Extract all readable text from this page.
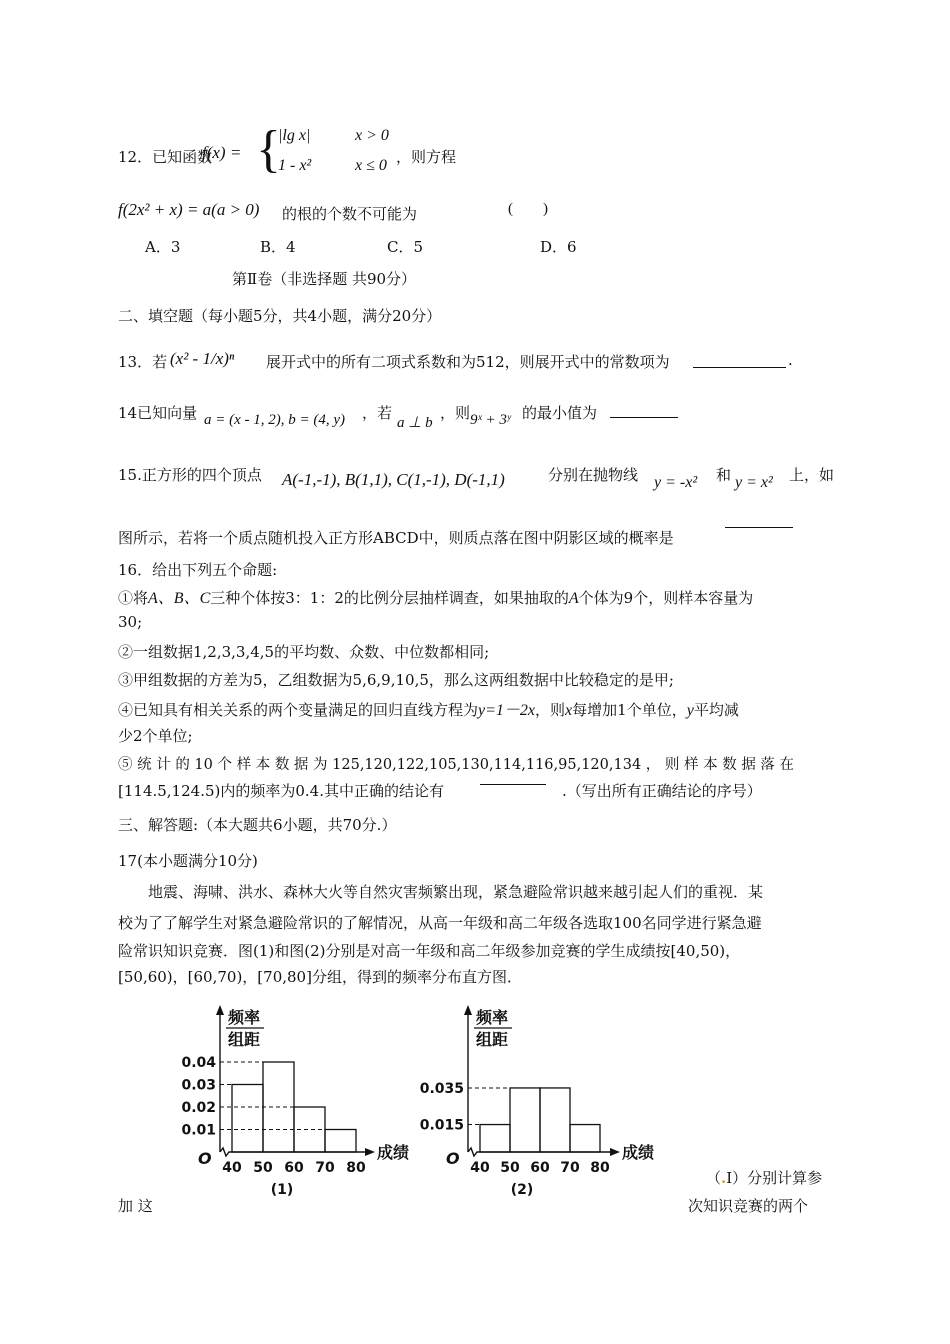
12．已知函数
f(x) = {
|lg x|	x > 0
1 - x²	x ≤ 0 ，则方程
f(2x² + x) = a(a > 0) 的根的个数不可能为	(        )
A．3	B．4	C．5	D．6
第Ⅱ卷（非选择题 共90分）
二、填空题（每小题5分，共4小题，满分20分）
13．若 (x² - 1/x)ⁿ 展开式中的所有二项式系数和为512，则展开式中的常数项为	.
14已知向量 a = (x - 1, 2), b = (4, y) ，若
a ⊥ b
，则 9ˣ + 3ʸ 的最小值为
15.正方形的四个顶点 A(-1,-1), B(1,1), C(1,-1), D(-1,1)	分别在抛物线 y = -x² 和 y = x² 上，如
图所示，若将一个质点随机投入正方形ABCD中，则质点落在图中阴影区域的概率是
16．给出下列五个命题:
①将A、B、C三种个体按3：1：2的比例分层抽样调查，如果抽取的A个体为9个，则样本容量为
30;
②一组数据1,2,3,3,4,5的平均数、众数、中位数都相同;
③甲组数据的方差为5，乙组数据为5,6,9,10,5，那么这两组数据中比较稳定的是甲;
④已知具有相关关系的两个变量满足的回归直线方程为y=1－2x，则x每增加1个单位，y平均减
少2个单位;
⑤ 统 计 的 10 个 样 本 数 据 为 125,120,122,105,130,114,116,95,120,134 ， 则 样 本 数 据 落 在
[114.5,124.5)内的频率为0.4.其中正确的结论有	.（写出所有正确结论的序号）
三、解答题:（本大题共6小题，共70分.）
17(本小题满分10分)
地震、海啸、洪水、森林大火等自然灾害频繁出现，紧急避险常识越来越引起人们的重视．某
校为了了解学生对紧急避险常识的了解情况，从高一年级和高二年级各选取100名同学进行紧急避
险常识知识竞赛．图(1)和图(2)分别是对高一年级和高二年级参加竞赛的学生成绩按[40,50)，
[50,60)，[60,70)，[70,80]分组，得到的频率分布直方图．
频率
组距
O	成绩
0.04
0.03
0.02
0.01
40 50 60 70 80
(1)
频率
组距
O	成绩
0.035
0.015
40 50 60 70 80
(2)
（.Ⅰ）分别计算参
加 这	次知识竞赛的两个
